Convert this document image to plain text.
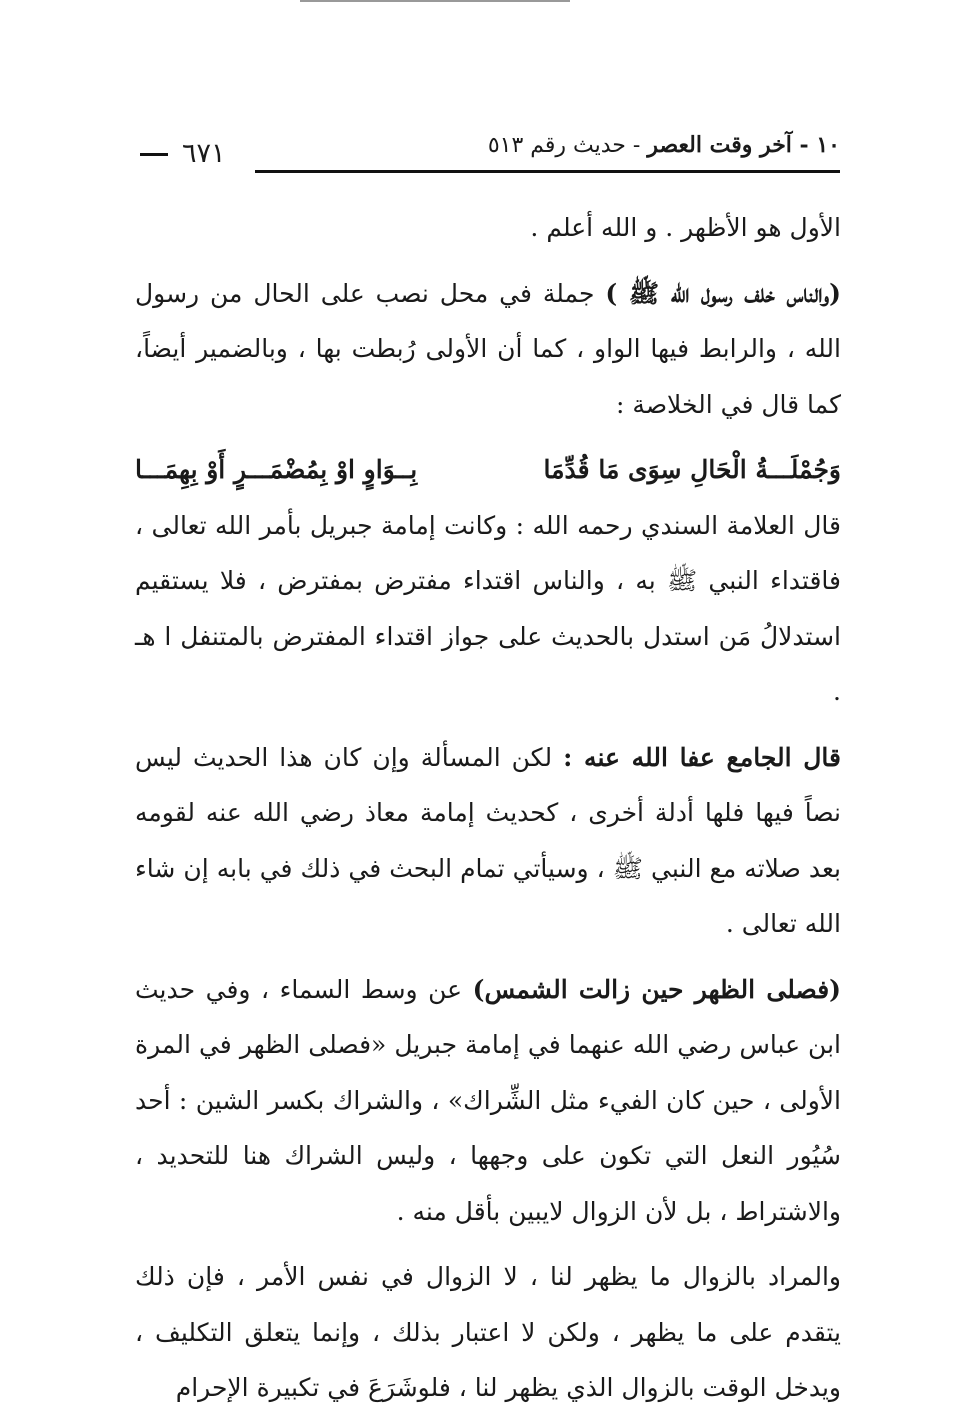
٦٧١	١٠ - آخر وقت العصر - حديث رقم ٥١٣

الأول هو الأظهر . و الله أعلم .

(والناس خلف رسول الله ﷺ ) جملة في محل نصب على الحال من رسول الله ، والرابط فيها الواو ، كما أن الأولى رُبطت بها ، وبالضمير أيضاً، كما قال في الخلاصة :

وَجُمْلَـــةُ الْحَالِ سِوَى مَا قُدِّمَا
بِــوَاوٍ اوْ بِمُضْمَـــرٍ أَوْ بِهِمَـــا

قال العلامة السندي رحمه الله : وكانت إمامة جبريل بأمر الله تعالى ، فاقتداء النبي ﷺ به ، والناس اقتداء مفترض بمفترض ، فلا يستقيم استدلالُ مَن استدل بالحديث على جواز اقتداء المفترض بالمتنفل ا هـ .

قال الجامع عفا الله عنه : لكن المسألة وإن كان هذا الحديث ليس نصاً فيها فلها أدلة أخرى ، كحديث إمامة معاذ رضي الله عنه لقومه بعد صلاته مع النبي ﷺ ، وسيأتي تمام البحث في ذلك في بابه إن شاء الله تعالى .

(فصلى الظهر حين زالت الشمس) عن وسط السماء ، وفي حديث ابن عباس رضي الله عنهما في إمامة جبريل «فصلى الظهر في المرة الأولى ، حين كان الفيء مثل الشِّراك» ، والشراك بكسر الشين : أحد سُيُور النعل التي تكون على وجهها ، وليس الشراك هنا للتحديد ، والاشتراط ، بل لأن الزوال لايبين بأقل منه .

والمراد بالزوال ما يظهر لنا ، لا الزوال في نفس الأمر ، فإن ذلك يتقدم على ما يظهر ، ولكن لا اعتبار بذلك ، وإنما يتعلق التكليف ، ويدخل الوقت بالزوال الذي يظهر لنا ، فلوشَرَعَ في تكبيرة الإحرام
